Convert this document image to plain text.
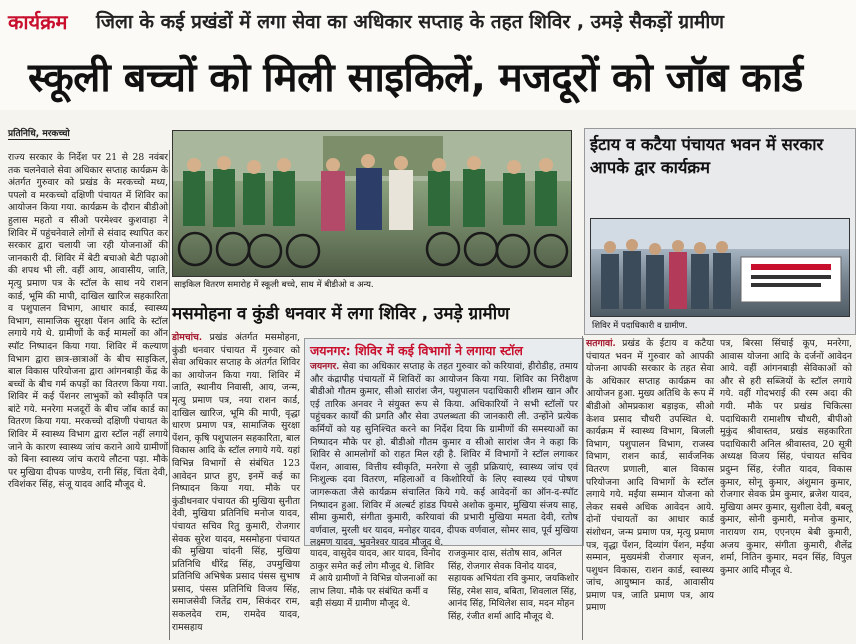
कार्यक्रम जिला के कई प्रखंडों में लगा सेवा का अधिकार सप्ताह के तहत शिविर , उमड़े सैकड़ों ग्रामीण
स्कूली बच्चों को मिली साइकिलें, मजदूरों को जॉब कार्ड
प्रतिनिधि, मरकच्चो
राज्य सरकार के निर्देश पर 21 से 28 नवंबर तक चलनेवाले सेवा अधिकार सप्ताह कार्यक्रम के अंतर्गत गुरुवार को प्रखंड के मरकच्चो मध्य, पपलो व मरकच्चो दक्षिणी पंचायत में शिविर का आयोजन किया गया. कार्यक्रम के दौरान बीडीओ हुलास महतो व सीओ परमेश्वर कुशवाहा ने शिविर में पहुंचनेवाले लोगों से संवाद स्थापित कर सरकार द्वारा चलायी जा रही योजनाओं की जानकारी दी. शिविर में बेटी बचाओ बेटी पढ़ाओ की शपथ भी ली. वहीं आय, आवासीय, जाति, मृत्यु प्रमाण पत्र के स्टॉल के साथ नये राशन कार्ड, भूमि की मापी, दाखिल खारिज सहकारिता व पशुपालन विभाग, आधार कार्ड, स्वास्थ्य विभाग, सामाजिक सुरक्षा पेंशन आदि के स्टॉल लगाये गये थे. ग्रामीणों के कई मामलों का ऑन स्पॉट निष्पादन किया गया. शिविर में कल्याण विभाग द्वारा छात्र-छात्राओं के बीच साइकिल, बाल विकास परियोजना द्वारा आंगनबाड़ी केंद्र के बच्चों के बीच गर्म कपड़ों का वितरण किया गया. शिविर में कई पेंशनर लाभुकों को स्वीकृति पत्र बांटे गये. मनरेगा मजदूरों के बीच जॉब कार्ड का वितरण किया गया. मरकच्चो दक्षिणी पंचायत के शिविर में स्वास्थ्य विभाग द्वारा स्टॉल नहीं लगाये जाने के कारण स्वास्थ्य जांच कराने आये ग्रामीणों को बिना स्वास्थ्य जांच कराये लौटना पड़ा. मौके पर मुखिया दीपक पाण्डेय, रानी सिंह, चिंता देवी, रविशंकर सिंह, संजू यादव आदि मौजूद थे.
साइकिल वितरण समारोह में स्कूली बच्चे, साथ में बीडीओ व अन्य.
मसमोहना व कुंडी धनवार में लगा शिविर , उमड़े ग्रामीण
डोमचांच. प्रखंड अंतर्गत मसमोहना, कुंडी धनवार पंचायत में गुरुवार को सेवा अधिकार सप्ताह के अंतर्गत शिविर का आयोजन किया गया. शिविर में जाति, स्थानीय निवासी, आय, जन्म, मृत्यु प्रमाण पत्र, नया राशन कार्ड, दाखिल खारिज, भूमि की मापी, वृद्धा धारण प्रमाण पत्र, सामाजिक सुरक्षा पेंशन, कृषि पशुपालन सहकारिता, बाल विकास आदि के स्टॉल लगाये गये. यहां विभिन्न विभागों से संबंधित 123 आवेदन प्राप्त हुए, इनमें कई का निष्पादन किया गया. मौके पर कुंडीधनवार पंचायत की मुखिया सुनीता देवी, मुखिया प्रतिनिधि मनोज यादव, पंचायत सचिव रितु कुमारी, रोजगार सेवक सुरेश यादव, मसमोहना पंचायत की मुखिया चांदनी सिंह, मुखिया प्रतिनिधि धीरेंद्र सिंह, उपमुखिया प्रतिनिधि अभिषेक प्रसाद पंसस सुभाष प्रसाद, पंसस प्रतिनिधि विजय सिंह, समाजसेवी जितेंद्र राम, सिकंदर राम, सकलदेव राम, रामदेव यादव, रामसहाय
जयनगर: शिविर में कई विभागों ने लगाया स्टॉल
जयनगर. सेवा का अधिकार सप्ताह के तहत गुरुवार को करियावां, हीरोडीह, तमाय और कंद्रापीह पंचायतों में शिविरों का आयोजन किया गया. शिविर का निरीक्षण बीडीओ गौतम कुमार, सीओ सारांश जैन, पशुपालन पदाधिकारी शीशम खान और एई तारिक अनवर ने संयुक्त रूप से किया. अधिकारियों ने सभी स्टॉलों पर पहुंचकर कार्यों की प्रगति और सेवा उपलब्धता की जानकारी ली. उन्होंने प्रत्येक कर्मियों को यह सुनिश्चित करने का निर्देश दिया कि ग्रामीणों की समस्याओं का निष्पादन मौके पर हो. बीडीओ गौतम कुमार व सीओ सारांश जैन ने कहा कि शिविर से आमलोगों को राहत मिल रही है. शिविर में विभागों ने स्टॉल लगाकर पेंशन, आवास, वित्तीय स्वीकृति, मनरेगा से जुड़ी प्रक्रियाएं, स्वास्थ्य जांच एवं निःशुल्क दवा वितरण, महिलाओं व किशोरियों के लिए स्वास्थ्य एवं पोषण जागरूकता जैसे कार्यक्रम संचालित किये गये. कई आवेदनों का ऑन-द-स्पॉट निष्पादन हुआ. शिविर में अल्बर्ट हांडड पियसे अशोक कुमार, मुखिया संजय साह, सीमा कुमारी, संगीता कुमारी, करियावां की प्रभारी मुखिया ममता देवी, रतोष वर्णवाल, मुरली धर यादव, मनोहर यादव, दीपक वर्णवाल, सोमर साव, पूर्व मुखिया लक्ष्मण यादव, भुवनेश्वर यादव मौजूद थे.
यादव, वासुदेव यादव, आर यादव, विनोद ठाकुर समेत कई लोग मौजूद थे. शिविर में आये ग्रामीणों ने विभिन्न योजनाओं का लाभ लिया. मौके पर संबंधित कर्मी व बड़ी संख्या में ग्रामीण मौजूद थे.
राजकुमार दास, संतोष साव, अनिल सिंह, रोजगार सेवक विनोद यादव, सहायक अभियंता रवि कुमार, जयकिशोर सिंह, रमेश साव, बबिता, शिवलाल सिंह, आनंद सिंह, मिथिलेश साव, मदन मोहन सिंह, रंजीत शर्मा आदि मौजूद थे.
ईटाय व कटैया पंचायत भवन में सरकार आपके द्वार कार्यक्रम
शिविर में पदाधिकारी व ग्रामीण.
सतगावां. प्रखंड के ईटाय व कटैया पंचायत भवन में गुरुवार को आपकी योजना आपकी सरकार के तहत सेवा के अधिकार सप्ताह कार्यक्रम का आयोजन हुआ. मुख्य अतिथि के रूप में बीडीओ ओमप्रकाश बड़ाइक, सीओ केशव प्रसाद चौधरी उपस्थित थे. कार्यक्रम में स्वास्थ्य विभाग, बिजली विभाग, पशुपालन विभाग, राजस्व विभाग, राशन कार्ड, सार्वजनिक वितरण प्रणाली, बाल विकास परियोजना आदि विभागों के स्टॉल लगाये गये. मईंया सम्मान योजना को लेकर सबसे अधिक आवेदन आये. दोनों पंचायतों का आधार कार्ड संशोधन, जन्म प्रमाण पत्र, मृत्यु प्रमाण पत्र, वृद्धा पेंशन, दिव्यांग पेंशन, मईंया सम्मान, मुख्यमंत्री रोजगार सृजन, पशुधन विकास, राशन कार्ड, स्वास्थ्य जांच, आयुष्मान कार्ड, आवासीय प्रमाण पत्र, जाति प्रमाण पत्र, आय प्रमाण
पत्र, बिरसा सिंचाई कूप, मनरेगा, आवास योजना आदि के दर्जनों आवेदन आये. वहीं आंगनबाड़ी सेविकाओं को और से हरी सब्जियों के स्टॉल लगाये गये. वहीं गोदभराई की रस्म अदा की गयी. मौके पर प्रखंड चिकित्सा पदाधिकारी रामाशीष चौधरी, बीपीओ मुकुंद श्रीवास्तव, प्रखंड सहकारिता पदाधिकारी अनिल श्रीवास्तव, 20 सूत्री अध्यक्ष विजय सिंह, पंचायत सचिव प्रदुम्न सिंह, रंजीत यादव, विकास कुमार, सोनू कुमार, अंशुमान कुमार, रोजगार सेवक प्रेम कुमार, ब्रजेश यादव, मुखिया अमर कुमार, सुशीला देवी, बबलू कुमार, सोनी कुमारी, मनोज कुमार, नारायण राम, एएनएम बेबी कुमारी, अजय कुमार, संगीता कुमारी, शैलेंद्र शर्मा, नितिन कुमार, मदन सिंह, विपुल कुमार आदि मौजूद थे.
